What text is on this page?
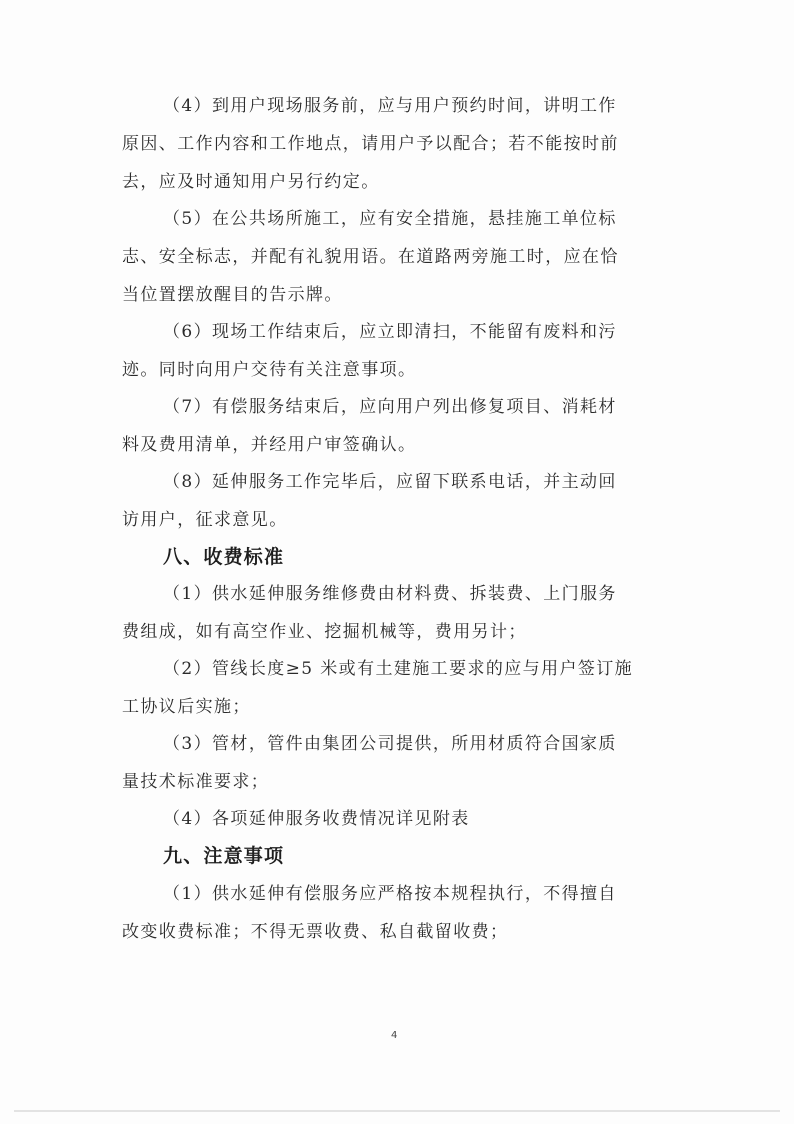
（4）到用户现场服务前，应与用户预约时间，讲明工作
原因、工作内容和工作地点，请用户予以配合；若不能按时前
去，应及时通知用户另行约定。
（5）在公共场所施工，应有安全措施，悬挂施工单位标
志、安全标志，并配有礼貌用语。在道路两旁施工时，应在恰
当位置摆放醒目的告示牌。
（6）现场工作结束后，应立即清扫，不能留有废料和污
迹。同时向用户交待有关注意事项。
（7）有偿服务结束后，应向用户列出修复项目、消耗材
料及费用清单，并经用户审签确认。
（8）延伸服务工作完毕后，应留下联系电话，并主动回
访用户，征求意见。
八、收费标准
（1）供水延伸服务维修费由材料费、拆装费、上门服务
费组成，如有高空作业、挖掘机械等，费用另计；
（2）管线长度≥5 米或有土建施工要求的应与用户签订施
工协议后实施；
（3）管材，管件由集团公司提供，所用材质符合国家质
量技术标准要求；
（4）各项延伸服务收费情况详见附表
九、注意事项
（1）供水延伸有偿服务应严格按本规程执行，不得擅自
改变收费标准；不得无票收费、私自截留收费；
4
